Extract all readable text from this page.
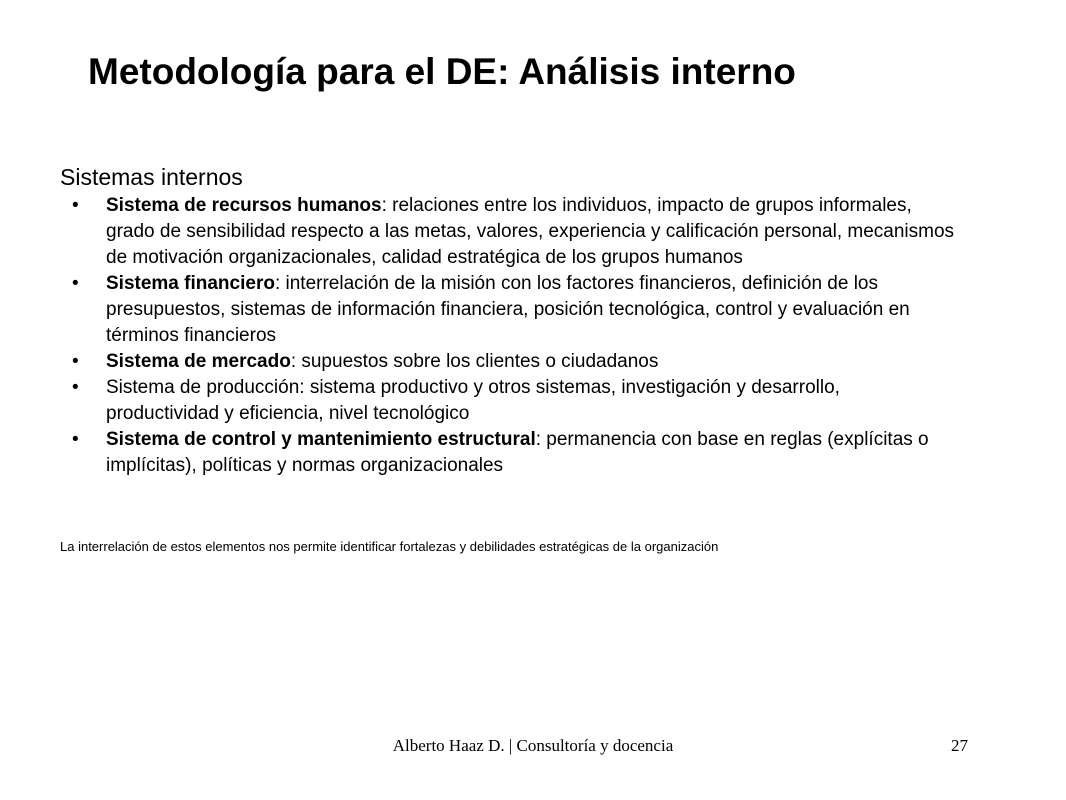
Metodología para el DE: Análisis interno
Sistemas internos
• Sistema de recursos humanos: relaciones entre los individuos, impacto de grupos informales, grado de sensibilidad respecto a las metas, valores, experiencia y calificación personal, mecanismos de motivación organizacionales, calidad estratégica de los grupos humanos
• Sistema financiero: interrelación de la misión con los factores financieros, definición de los presupuestos, sistemas de información financiera, posición tecnológica, control y evaluación en términos financieros
• Sistema de mercado: supuestos sobre los clientes o ciudadanos
• Sistema de producción: sistema productivo y otros sistemas, investigación y desarrollo, productividad y eficiencia, nivel tecnológico
• Sistema de control y mantenimiento estructural: permanencia con base en reglas (explícitas o implícitas), políticas y normas organizacionales

La interrelación de estos elementos nos permite identificar fortalezas y debilidades estratégicas de la organización

Alberto Haaz D. | Consultoría y docencia	27
